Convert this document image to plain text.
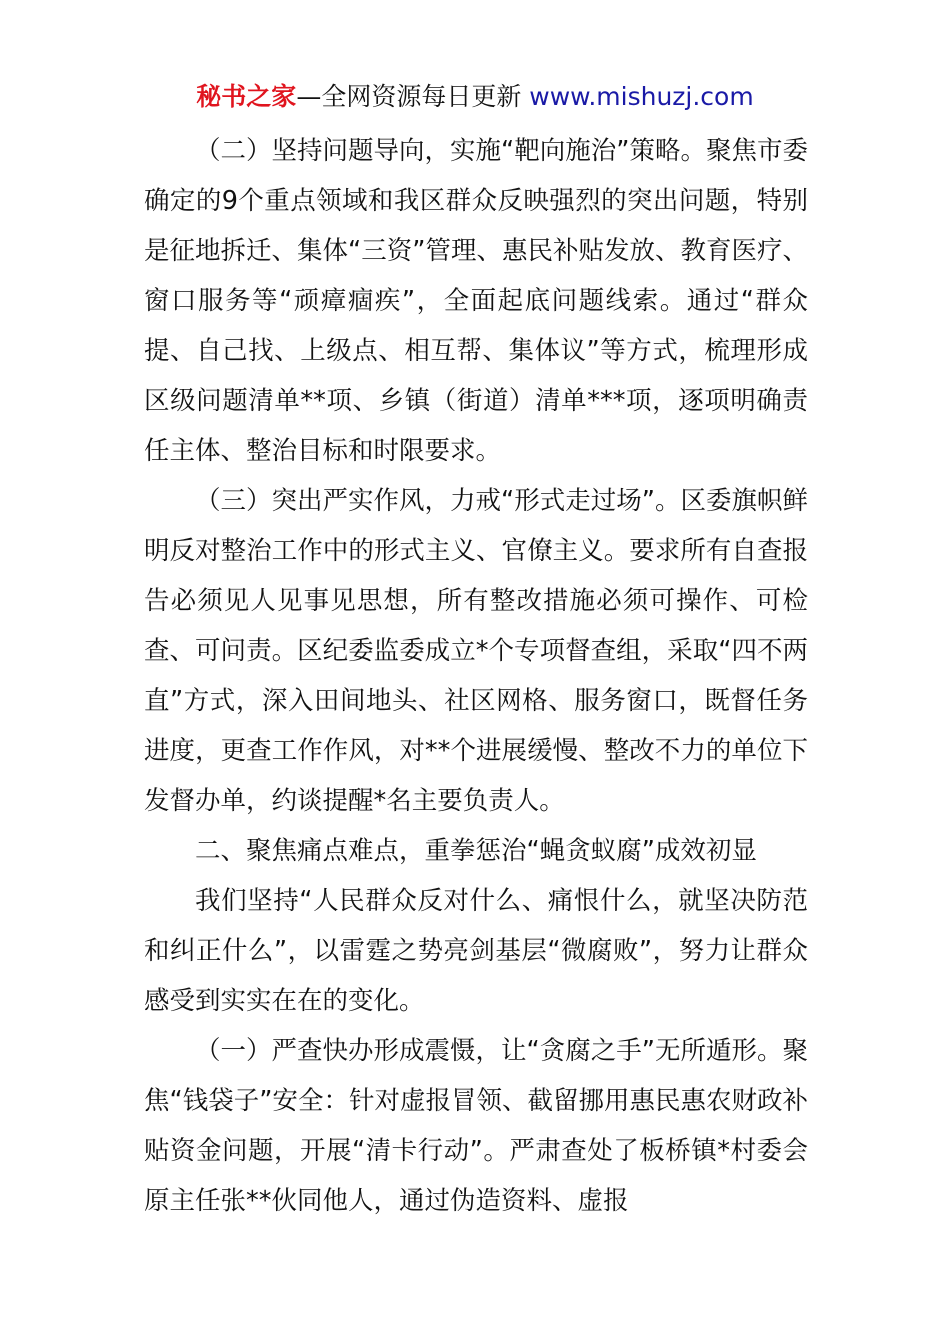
秘书之家—全网资源每日更新 www.mishuzj.com

（二）坚持问题导向，实施“靶向施治”策略。聚焦市委确定的9个重点领域和我区群众反映强烈的突出问题，特别是征地拆迁、集体“三资”管理、惠民补贴发放、教育医疗、窗口服务等“顽瘴痼疾”，全面起底问题线索。通过“群众提、自己找、上级点、相互帮、集体议”等方式，梳理形成区级问题清单**项、乡镇（街道）清单***项，逐项明确责任主体、整治目标和时限要求。

（三）突出严实作风，力戒“形式走过场”。区委旗帜鲜明反对整治工作中的形式主义、官僚主义。要求所有自查报告必须见人见事见思想，所有整改措施必须可操作、可检查、可问责。区纪委监委成立*个专项督查组，采取“四不两直”方式，深入田间地头、社区网格、服务窗口，既督任务进度，更查工作作风，对**个进展缓慢、整改不力的单位下发督办单，约谈提醒*名主要负责人。

二、聚焦痛点难点，重拳惩治“蝇贪蚁腐”成效初显

我们坚持“人民群众反对什么、痛恨什么，就坚决防范和纠正什么”，以雷霆之势亮剑基层“微腐败”，努力让群众感受到实实在在的变化。

（一）严查快办形成震慑，让“贪腐之手”无所遁形。聚焦“钱袋子”安全：针对虚报冒领、截留挪用惠民惠农财政补贴资金问题，开展“清卡行动”。严肃查处了板桥镇*村委会原主任张**伙同他人，通过伪造资料、虚报
